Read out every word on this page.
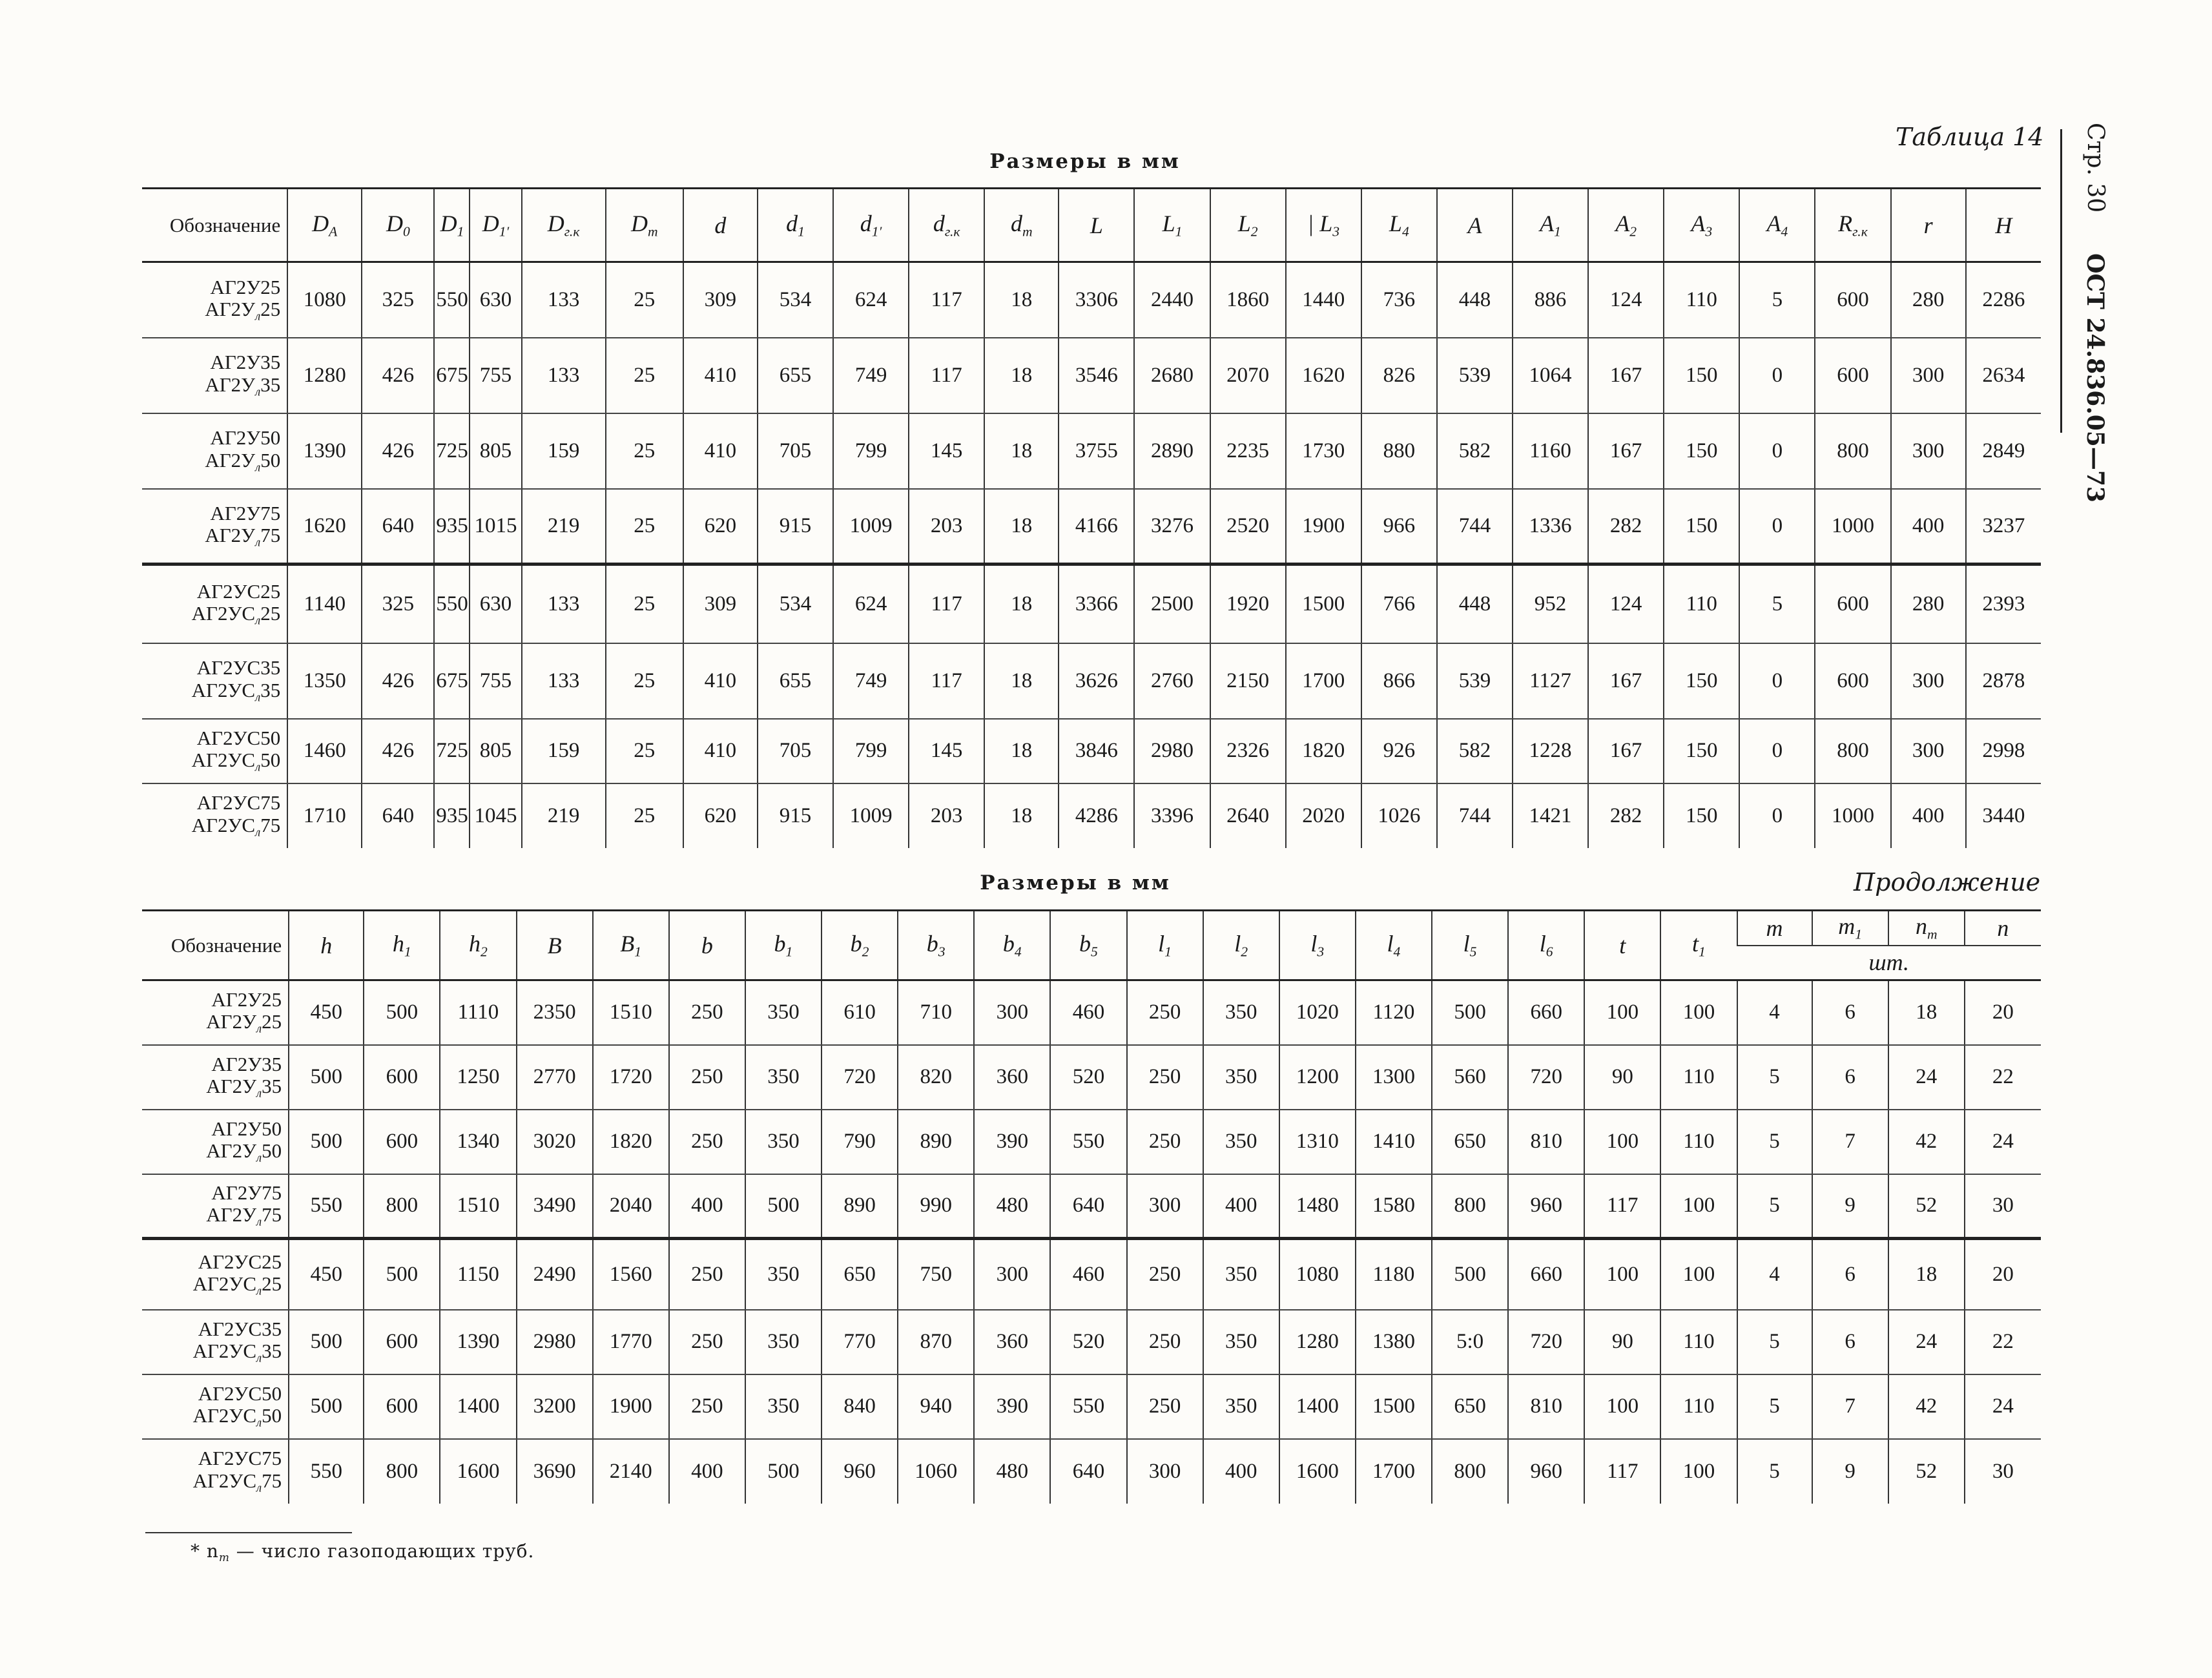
Таблица 14	Стр. 30  ОСТ 24.836.05—73
Размеры в мм
Обозначение	$D_А$	$D_0$	$D_1$	$D_{1'}$	$D_{г.к}$	$D_т$	d	$d_1$	$d_{1'}$	$d_{г.к}$	$d_т$	L	$L_1$	$L_2$	| $L_3$	$L_4$	A	$A_1$	$A_2$	$A_3$	$A_4$	$R_{г.к}$	r	H
АГ2У25
$АГ2У_л25$	1080	325	550	630	133	25	309	534	624	117	18	3306	2440	1860	1440	736	448	886	124	110	5	600	280	2286
АГ2У35
$АГ2У_л35$	1280	426	675	755	133	25	410	655	749	117	18	3546	2680	2070	1620	826	539	1064	167	150	0	600	300	2634
АГ2У50
$АГ2У_л50$	1390	426	725	805	159	25	410	705	799	145	18	3755	2890	2235	1730	880	582	1160	167	150	0	800	300	2849
АГ2У75
$АГ2У_л75$	1620	640	935	1015	219	25	620	915	1009	203	18	4166	3276	2520	1900	966	744	1336	282	150	0	1000	400	3237
АГ2УС25
$АГ2УС_л25$	1140	325	550	630	133	25	309	534	624	117	18	3366	2500	1920	1500	766	448	952	124	110	5	600	280	2393
АГ2УС35
$АГ2УС_л35$	1350	426	675	755	133	25	410	655	749	117	18	3626	2760	2150	1700	866	539	1127	167	150	0	600	300	2878
АГ2УС50
$АГ2УС_л50$	1460	426	725	805	159	25	410	705	799	145	18	3846	2980	2326	1820	926	582	1228	167	150	0	800	300	2998
АГ2УС75
$АГ2УС_л75$	1710	640	935	1045	219	25	620	915	1009	203	18	4286	3396	2640	2020	1026	744	1421	282	150	0	1000	400	3440
Размеры в мм	Продолжение
Обозначение	h	$h_1$	$h_2$	B	$B_1$	b	$b_1$	$b_2$	$b_3$	$b_4$	$b_5$	$l_1$	$l_2$	$l_3$	$l_4$	$l_5$	$l_6$	t	$t_1$	m	$m_1$	$n_т$	n
																				шт.			
АГ2У25
$АГ2У_л25$	450	500	1110	2350	1510	250	350	610	710	300	460	250	350	1020	1120	500	660	100	100	4	6	18	20
АГ2У35
$АГ2У_л35$	500	600	1250	2770	1720	250	350	720	820	360	520	250	350	1200	1300	560	720	90	110	5	6	24	22
АГ2У50
$АГ2У_л50$	500	600	1340	3020	1820	250	350	790	890	390	550	250	350	1310	1410	650	810	100	110	5	7	42	24
АГ2У75
$АГ2У_л75$	550	800	1510	3490	2040	400	500	890	990	480	640	300	400	1480	1580	800	960	117	100	5	9	52	30
АГ2УС25
$АГ2УС_л25$	450	500	1150	2490	1560	250	350	650	750	300	460	250	350	1080	1180	500	660	100	100	4	6	18	20
АГ2УС35
$АГ2УС_л35$	500	600	1390	2980	1770	250	350	770	870	360	520	250	350	1280	1380	5:0	720	90	110	5	6	24	22
АГ2УС50
$АГ2УС_л50$	500	600	1400	3200	1900	250	350	840	940	390	550	250	350	1400	1500	650	810	100	110	5	7	42	24
АГ2УС75
$АГ2УС_л75$	550	800	1600	3690	2140	400	500	960	1060	480	640	300	400	1600	1700	800	960	117	100	5	9	52	30
* $n_т$ — число газоподающих труб.
